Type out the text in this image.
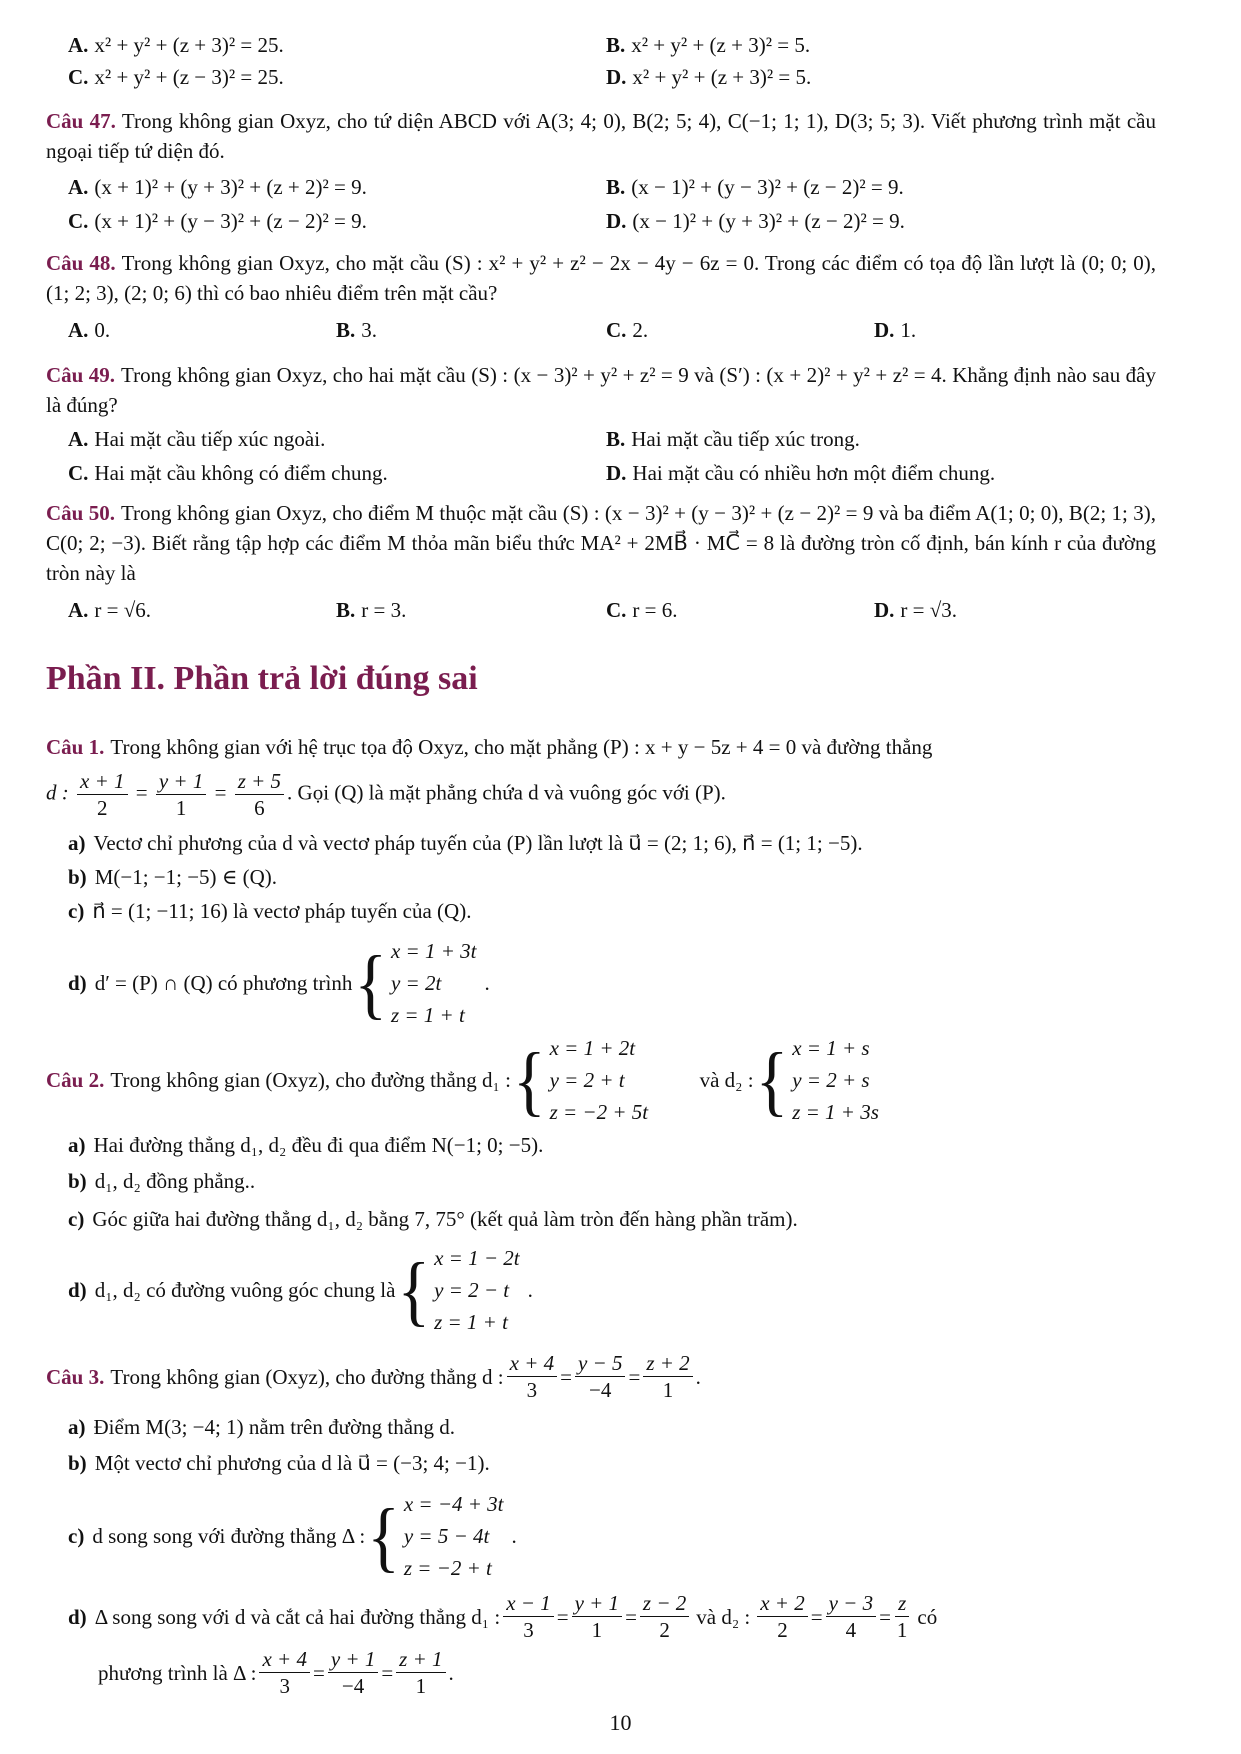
A. x² + y² + (z + 3)² = 25.	B. x² + y² + (z + 3)² = 5.
C. x² + y² + (z − 3)² = 25.	D. x² + y² + (z + 3)² = 5.
Câu 47. Trong không gian Oxyz, cho tứ diện ABCD với A(3; 4; 0), B(2; 5; 4), C(−1; 1; 1), D(3; 5; 3). Viết phương trình mặt cầu ngoại tiếp tứ diện đó.
A. (x + 1)² + (y + 3)² + (z + 2)² = 9.	B. (x − 1)² + (y − 3)² + (z − 2)² = 9.
C. (x + 1)² + (y − 3)² + (z − 2)² = 9.	D. (x − 1)² + (y + 3)² + (z − 2)² = 9.
Câu 48. Trong không gian Oxyz, cho mặt cầu (S) : x² + y² + z² − 2x − 4y − 6z = 0. Trong các điểm có tọa độ lần lượt là (0; 0; 0), (1; 2; 3), (2; 0; 6) thì có bao nhiêu điểm trên mặt cầu?
A. 0.	B. 3.	C. 2.	D. 1.
Câu 49. Trong không gian Oxyz, cho hai mặt cầu (S) : (x − 3)² + y² + z² = 9 và (S′) : (x + 2)² + y² + z² = 4. Khẳng định nào sau đây là đúng?
A. Hai mặt cầu tiếp xúc ngoài.	B. Hai mặt cầu tiếp xúc trong.
C. Hai mặt cầu không có điểm chung.	D. Hai mặt cầu có nhiều hơn một điểm chung.
Câu 50. Trong không gian Oxyz, cho điểm M thuộc mặt cầu (S) : (x − 3)² + (y − 3)² + (z − 2)² = 9 và ba điểm A(1; 0; 0), B(2; 1; 3), C(0; 2; −3). Biết rằng tập hợp các điểm M thỏa mãn biểu thức MA² + 2MB⃗ · MC⃗ = 8 là đường tròn cố định, bán kính r của đường tròn này là
A. r = √6.	B. r = 3.	C. r = 6.	D. r = √3.
Phần II. Phần trả lời đúng sai
Câu 1. Trong không gian với hệ trục tọa độ Oxyz, cho mặt phẳng (P) : x + y − 5z + 4 = 0 và đường thẳng
d : $\frac{x + 1}{2} = \frac{y + 1}{1} = \frac{z + 5}{6}$ . Gọi (Q) là mặt phẳng chứa d và vuông góc với (P).
a) Vectơ chỉ phương của d và vectơ pháp tuyến của (P) lần lượt là u⃗ = (2; 1; 6), n⃗ = (1; 1; −5).
b) M(−1; −1; −5) ∈ (Q).
c) n⃗ = (1; −11; 16) là vectơ pháp tuyến của (Q).
d) d′ = (P) ∩ (Q) có phương trình { x = 1 + 3t
y = 2t
z = 1 + t
.
Câu 2. Trong không gian (Oxyz), cho đường thẳng d₁ : { x = 1 + 2t
y = 2 + t
z = −2 + 5t
và d₂ : { x = 1 + s
y = 2 + s
z = 1 + 3s
a) Hai đường thẳng d₁, d₂ đều đi qua điểm N(−1; 0; −5).
b) d₁, d₂ đồng phẳng..
c) Góc giữa hai đường thẳng d₁, d₂ bằng 7, 75° (kết quả làm tròn đến hàng phần trăm).
d) d₁, d₂ có đường vuông góc chung là { x = 1 − 2t
y = 2 − t
z = 1 + t
.
Câu 3. Trong không gian (Oxyz), cho đường thẳng d : $\frac{x + 4}{3} = \frac{y - 5}{-4} = \frac{z + 2}{1}$ .
a) Điểm M(3; −4; 1) nằm trên đường thẳng d.
b) Một vectơ chỉ phương của d là u⃗ = (−3; 4; −1).
c) d song song với đường thẳng Δ : { x = −4 + 3t
y = 5 − 4t
z = −2 + t
.
d) Δ song song với d và cắt cả hai đường thẳng d₁ : $\frac{x - 1}{3} = \frac{y + 1}{1} = \frac{z - 2}{2}$ và d₂ : $\frac{x + 2}{2} = \frac{y - 3}{4} = \frac{z}{1}$ có
phương trình là Δ : $\frac{x + 4}{3} = \frac{y + 1}{-4} = \frac{z + 1}{1}$ .
10
